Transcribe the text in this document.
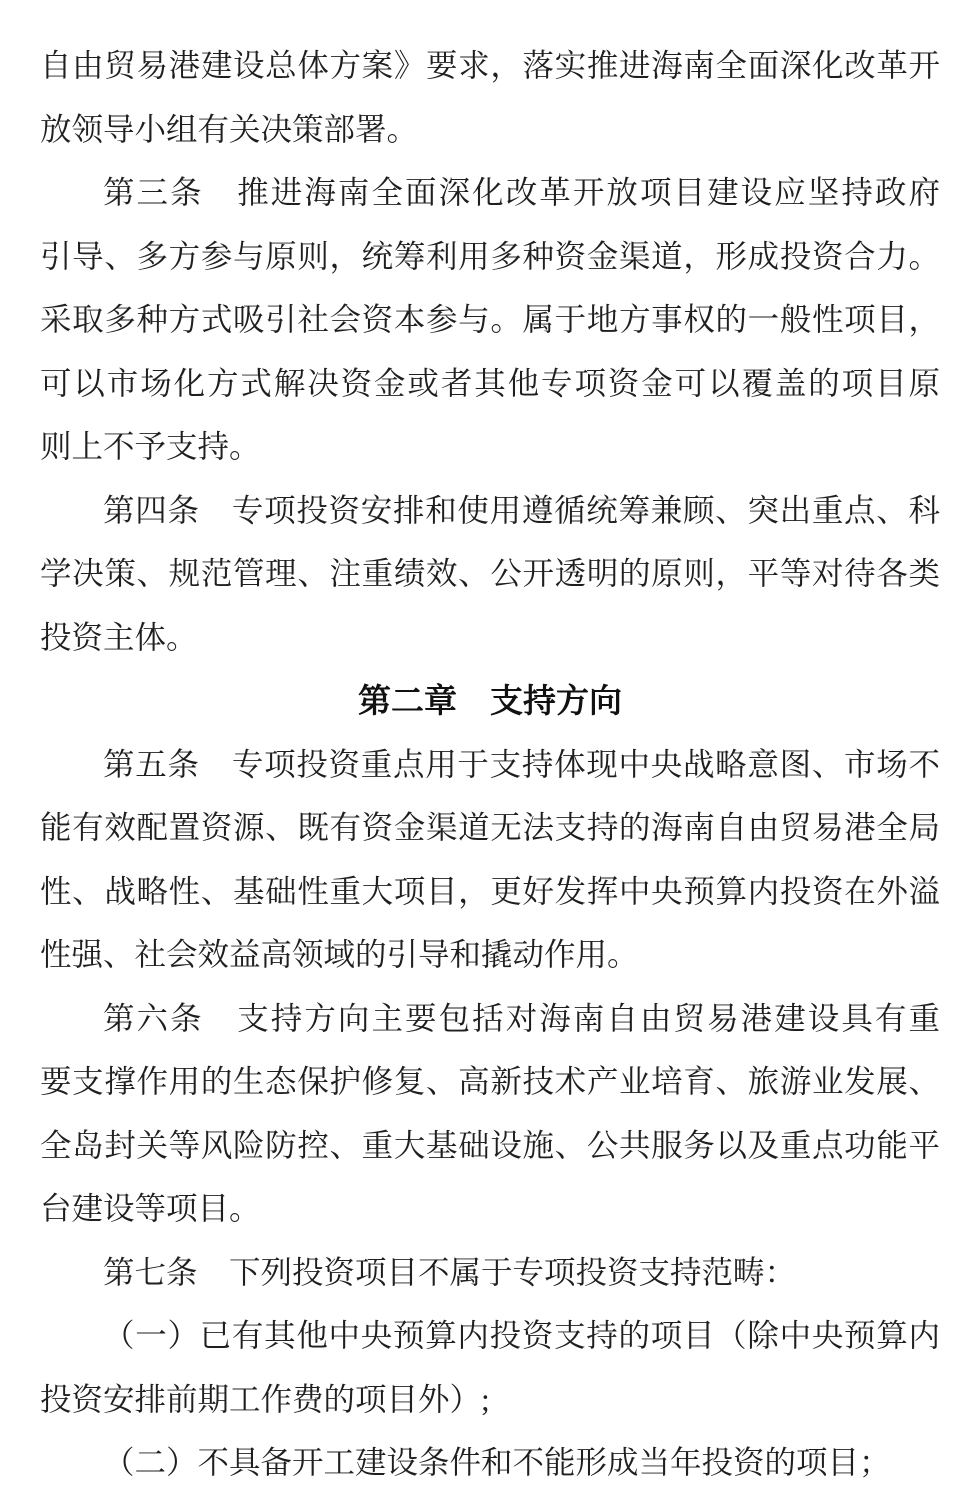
自由贸易港建设总体方案》要求，落实推进海南全面深化改革开
放领导小组有关决策部署。
第三条　推进海南全面深化改革开放项目建设应坚持政府
引导、多方参与原则，统筹利用多种资金渠道，形成投资合力。
采取多种方式吸引社会资本参与。属于地方事权的一般性项目，
可以市场化方式解决资金或者其他专项资金可以覆盖的项目原
则上不予支持。
第四条　专项投资安排和使用遵循统筹兼顾、突出重点、科
学决策、规范管理、注重绩效、公开透明的原则，平等对待各类
投资主体。
第二章　支持方向
第五条　专项投资重点用于支持体现中央战略意图、市场不
能有效配置资源、既有资金渠道无法支持的海南自由贸易港全局
性、战略性、基础性重大项目，更好发挥中央预算内投资在外溢
性强、社会效益高领域的引导和撬动作用。
第六条　支持方向主要包括对海南自由贸易港建设具有重
要支撑作用的生态保护修复、高新技术产业培育、旅游业发展、
全岛封关等风险防控、重大基础设施、公共服务以及重点功能平
台建设等项目。
第七条　下列投资项目不属于专项投资支持范畴：
（一）已有其他中央预算内投资支持的项目（除中央预算内
投资安排前期工作费的项目外）;
（二）不具备开工建设条件和不能形成当年投资的项目；
